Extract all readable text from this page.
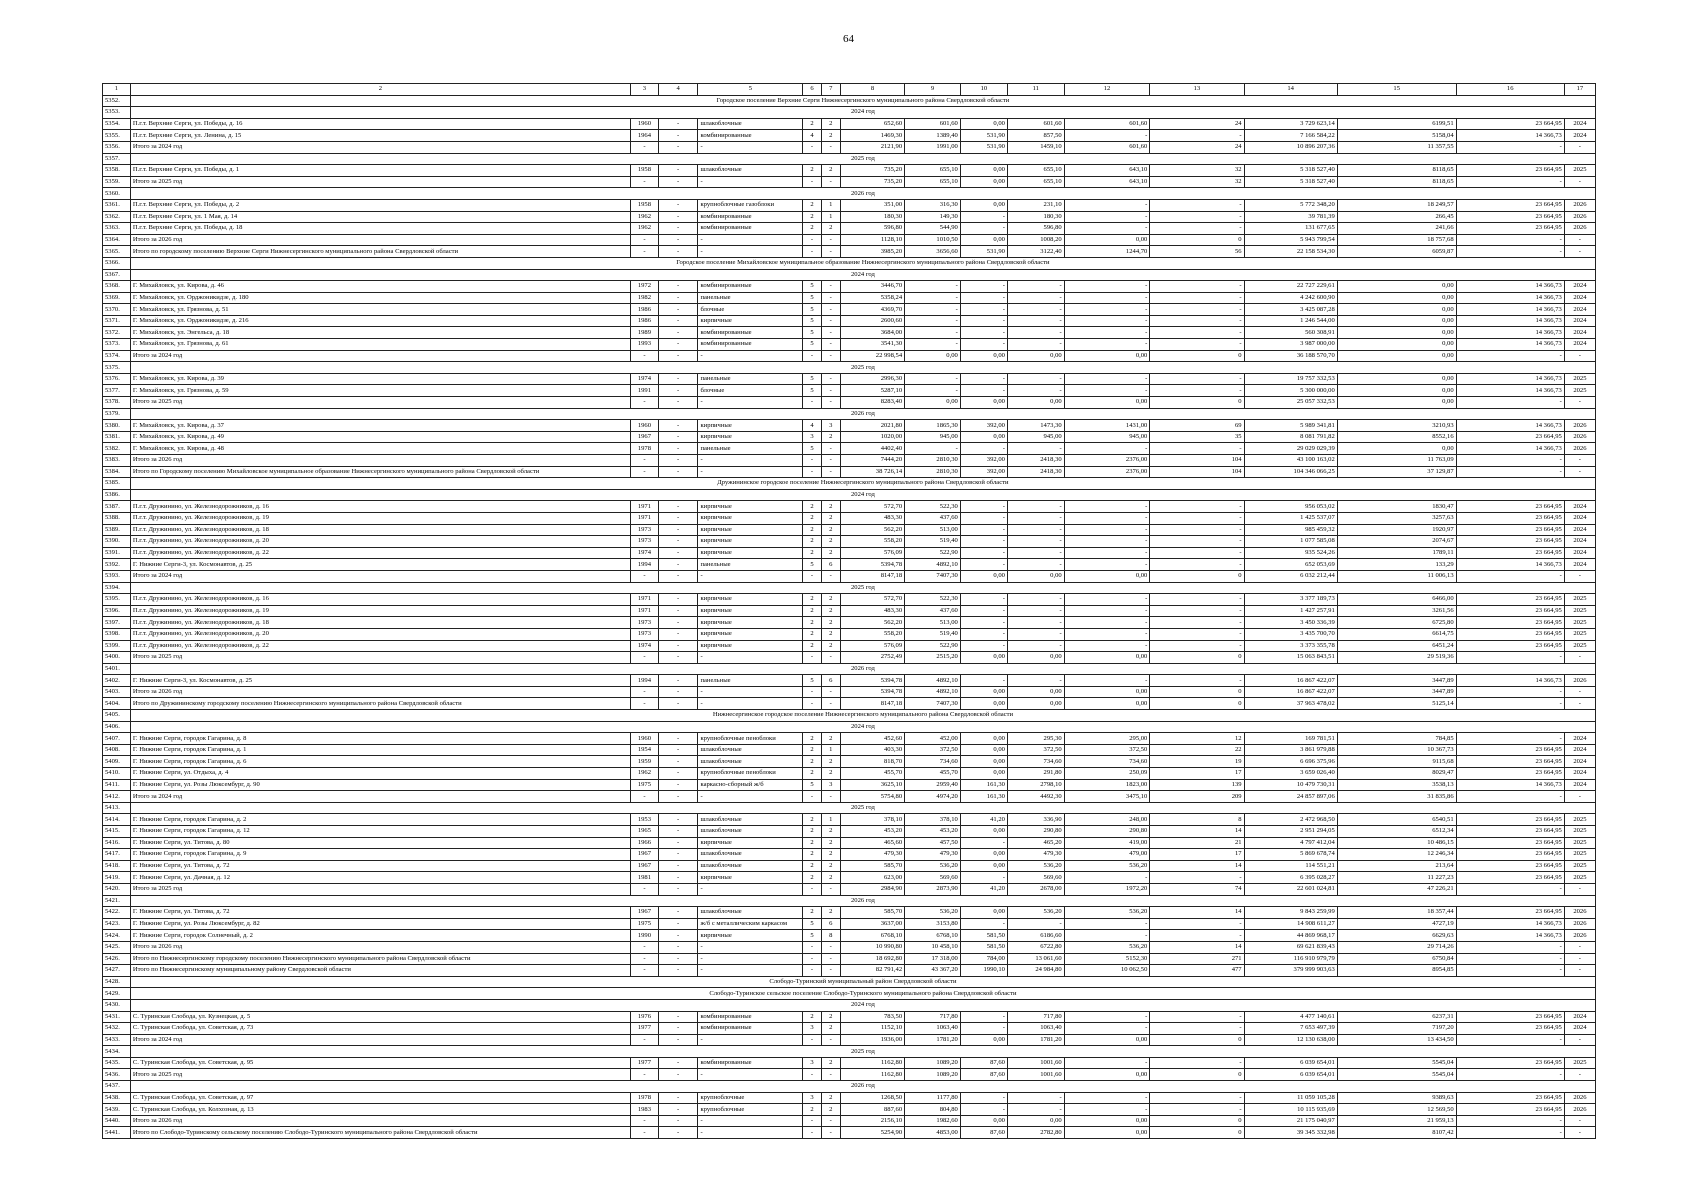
64
1	2	3	4	5	6	7	8	9	10	11	12	13	14	15	16	17
5352.	Городское поселение Верхние Серги Нижнесергинского муниципального района Свердловской области															
5353.	2024 год															
5354.	П.г.т. Верхние Серги, ул. Победы, д. 16	1960	-	шлакоблочные	2	2	652,60	601,60	0,00	601,60	601,60	24	3 729 623,14	6199,51	23 664,95	2024
5355.	П.г.т. Верхние Серги, ул. Ленина, д. 15	1964	-	комбинированные	4	2	1469,30	1389,40	531,90	857,50	-	-	7 166 584,22	5158,04	14 366,73	2024
5356.	Итого за 2024 год	-	-	-	-	-	2121,90	1991,00	531,90	1459,10	601,60	24	10 896 207,36	11 357,55	-	-
5357.	2025 год															
5358.	П.г.т. Верхние Серги, ул. Победы, д. 1	1958	-	шлакоблочные	2	2	735,20	655,10	0,00	655,10	643,10	32	5 318 527,40	8118,65	23 664,95	2025
5359.	Итого за 2025 год	-	-	-	-	-	735,20	655,10	0,00	655,10	643,10	32	5 318 527,40	8118,65	-	-
5360.	2026 год															
5361.	П.г.т. Верхние Серги, ул. Победы, д. 2	1958	-	крупноблочные газоблоки	2	1	351,00	316,30	0,00	231,10	-	-	5 772 348,20	18 249,57	23 664,95	2026
5362.	П.г.т. Верхние Серги, ул. 1 Мая, д. 14	1962	-	комбинированные	2	1	180,30	149,30	-	180,30	-	-	39 781,39	266,45	23 664,95	2026
5363.	П.г.т. Верхние Серги, ул. Победы, д. 18	1962	-	комбинированные	2	2	596,80	544,90	-	596,80	-	-	131 677,65	241,66	23 664,95	2026
5364.	Итого за 2026 год	-	-	-	-	-	1128,10	1010,50	0,00	1008,20	0,00	0	5 943 799,54	18 757,68	-	-
5365.	Итого по городскому поселению Верхние Серги Нижнесергинского муниципального района Свердловской области	-	-	-	-	-	3985,20	3656,60	531,90	3122,40	1244,70	56	22 158 534,30	6059,87	-	-
5366.	Городское поселение Михайловское муниципальное образование Нижнесергинского муниципального района Свердловской области															
5367.	2024 год															
5368.	Г. Михайловск, ул. Кирова, д. 46	1972	-	комбинированные	5	-	3446,70	-	-	-	-	-	22 727 229,61	0,00	14 366,73	2024
5369.	Г. Михайловск, ул. Орджоникидзе, д. 180	1982	-	панельные	5	-	5358,24	-	-	-	-	-	4 242 600,90	0,00	14 366,73	2024
5370.	Г. Михайловск, ул. Грязнова, д. 51	1986	-	блочные	5	-	4369,70	-	-	-	-	-	3 425 087,28	0,00	14 366,73	2024
5371.	Г. Михайловск, ул. Орджоникидзе, д. 216	1986	-	кирпичные	5	-	2600,60	-	-	-	-	-	1 246 544,00	0,00	14 366,73	2024
5372.	Г. Михайловск, ул. Энгельса, д. 18	1989	-	комбинированные	5	-	3684,00	-	-	-	-	-	560 308,91	0,00	14 366,73	2024
5373.	Г. Михайловск, ул. Грязнова, д. 61	1993	-	комбинированные	5	-	3541,30	-	-	-	-	-	3 987 000,00	0,00	14 366,73	2024
5374.	Итого за 2024 год	-	-	-	-	-	22 998,54	0,00	0,00	0,00	0,00	0	36 188 570,70	0,00	-	-
5375.	2025 год															
5376.	Г. Михайловск, ул. Кирова, д. 39	1974	-	панельные	5	-	2996,30	-	-	-	-	-	19 757 332,53	0,00	14 366,73	2025
5377.	Г. Михайловск, ул. Грязнова, д. 59	1991	-	блочные	5	-	5287,10	-	-	-	-	-	5 300 000,00	0,00	14 366,73	2025
5378.	Итого за 2025 год	-	-	-	-	-	8283,40	0,00	0,00	0,00	0,00	0	25 057 332,53	0,00	-	-
5379.	2026 год															
5380.	Г. Михайловск, ул. Кирова, д. 37	1960	-	кирпичные	4	3	2021,80	1865,30	392,00	1473,30	1431,00	69	5 989 341,81	3210,93	14 366,73	2026
5381.	Г. Михайловск, ул. Кирова, д. 49	1967	-	кирпичные	3	2	1020,00	945,00	0,00	945,00	945,00	35	8 081 791,82	8552,16	23 664,95	2026
5382.	Г. Михайловск, ул. Кирова, д. 48	1978	-	панельные	5	-	4402,40	-	-	-	-	-	29 029 029,39	0,00	14 366,73	2026
5383.	Итого за 2026 год	-	-	-	-	-	7444,20	2810,30	392,00	2418,30	2376,00	104	43 100 163,02	11 763,09	-	-
5384.	Итого по Городскому поселению Михайловское муниципальное образование Нижнесергинского муниципального района Свердловской области	-	-	-	-	-	38 726,14	2810,30	392,00	2418,30	2376,00	104	104 346 066,25	37 129,87	-	-
5385.	Дружининское городское поселение Нижнесергинского муниципального района Свердловской области															
5386.	2024 год															
5387.	П.г.т. Дружинино, ул. Железнодорожников, д. 16	1971	-	кирпичные	2	2	572,70	522,30	-	-	-	-	956 053,02	1830,47	23 664,95	2024
5388.	П.г.т. Дружинино, ул. Железнодорожников, д. 19	1971	-	кирпичные	2	2	483,30	437,60	-	-	-	-	1 425 537,07	3257,63	23 664,95	2024
5389.	П.г.т. Дружинино, ул. Железнодорожников, д. 18	1973	-	кирпичные	2	2	562,20	513,00	-	-	-	-	985 459,32	1920,97	23 664,95	2024
5390.	П.г.т. Дружинино, ул. Железнодорожников, д. 20	1973	-	кирпичные	2	2	558,20	519,40	-	-	-	-	1 077 585,08	2074,67	23 664,95	2024
5391.	П.г.т. Дружинино, ул. Железнодорожников, д. 22	1974	-	кирпичные	2	2	576,09	522,90	-	-	-	-	935 524,26	1789,11	23 664,95	2024
5392.	Г. Нижние Серги-3, ул. Космонавтов, д. 25	1994	-	панельные	5	6	5394,78	4892,10	-	-	-	-	652 053,69	133,29	14 366,73	2024
5393.	Итого за 2024 год	-	-	-	-	-	8147,18	7407,30	0,00	0,00	0,00	0	6 032 212,44	11 006,13	-	-
5394.	2025 год															
5395.	П.г.т. Дружинино, ул. Железнодорожников, д. 16	1971	-	кирпичные	2	2	572,70	522,30	-	-	-	-	3 377 189,73	6466,00	23 664,95	2025
5396.	П.г.т. Дружинино, ул. Железнодорожников, д. 19	1971	-	кирпичные	2	2	483,30	437,60	-	-	-	-	1 427 257,91	3261,56	23 664,95	2025
5397.	П.г.т. Дружинино, ул. Железнодорожников, д. 18	1973	-	кирпичные	2	2	562,20	513,00	-	-	-	-	3 450 336,39	6725,80	23 664,95	2025
5398.	П.г.т. Дружинино, ул. Железнодорожников, д. 20	1973	-	кирпичные	2	2	558,20	519,40	-	-	-	-	3 435 700,70	6614,75	23 664,95	2025
5399.	П.г.т. Дружинино, ул. Железнодорожников, д. 22	1974	-	кирпичные	2	2	576,09	522,90	-	-	-	-	3 373 355,78	6451,24	23 664,95	2025
5400.	Итого за 2025 год	-	-	-	-	-	2752,49	2515,20	0,00	0,00	0,00	0	15 063 843,51	29 519,36	-	-
5401.	2026 год															
5402.	Г. Нижние Серги-3, ул. Космонавтов, д. 25	1994	-	панельные	5	6	5394,78	4892,10	-	-	-	-	16 867 422,07	3447,89	14 366,73	2026
5403.	Итого за 2026 год	-	-	-	-	-	5394,78	4892,10	0,00	0,00	0,00	0	16 867 422,07	3447,89	-	-
5404.	Итого по Дружининскому городскому поселению Нижнесергинского муниципального района Свердловской области	-	-	-	-	-	8147,18	7407,30	0,00	0,00	0,00	0	37 963 478,02	5125,14	-	-
5405.	Нижнесергинское городское поселение Нижнесергинского муниципального района Свердловской области															
5406.	2024 год															
5407.	Г. Нижние Серги, городок Гагарина, д. 8	1960	-	крупноблочные пеноблоки	2	2	452,60	452,00	0,00	295,30	295,00	12	169 781,51	784,85	-	2024
5408.	Г. Нижние Серги, городок Гагарина, д. 1	1954	-	шлакоблочные	2	1	403,30	372,50	0,00	372,50	372,50	22	3 861 979,88	10 367,73	23 664,95	2024
5409.	Г. Нижние Серги, городок Гагарина, д. 6	1959	-	шлакоблочные	2	2	818,70	734,60	0,00	734,60	734,60	19	6 696 375,96	9115,68	23 664,95	2024
5410.	Г. Нижние Серги, ул. Отдыха, д. 4	1962	-	крупноблочные пеноблоки	2	2	455,70	455,70	0,00	291,80	250,09	17	3 659 026,40	8029,47	23 664,95	2024
5411.	Г. Нижние Серги, ул. Розы Люксембург, д. 90	1975	-	каркасно-сборный ж/б	5	3	3625,10	2959,40	161,30	2798,10	1823,00	139	10 479 730,31	3538,13	14 366,73	2024
5412.	Итого за 2024 год	-	-	-	-	-	5754,80	4974,20	161,30	4492,30	3475,10	209	24 857 897,06	31 835,86	-	-
5413.	2025 год															
5414.	Г. Нижние Серги, городок Гагарина, д. 2	1953	-	шлакоблочные	2	1	378,10	378,10	41,20	336,90	248,00	8	2 472 968,50	6540,51	23 664,95	2025
5415.	Г. Нижние Серги, городок Гагарина, д. 12	1965	-	шлакоблочные	2	2	453,20	453,20	0,00	290,80	290,80	14	2 951 294,05	6512,34	23 664,95	2025
5416.	Г. Нижние Серги, ул. Титова, д. 80	1966	-	кирпичные	2	2	465,60	457,50	-	465,20	419,00	21	4 797 412,04	10 486,15	23 664,95	2025
5417.	Г. Нижние Серги, городок Гагарина, д. 9	1967	-	шлакоблочные	2	2	479,30	479,30	0,00	479,30	479,00	17	5 869 678,74	12 246,34	23 664,95	2025
5418.	Г. Нижние Серги, ул. Титова, д. 72	1967	-	шлакоблочные	2	2	585,70	536,20	0,00	536,20	536,20	14	114 551,21	213,64	23 664,95	2025
5419.	Г. Нижние Серги, ул. Дачная, д. 12	1981	-	кирпичные	2	2	623,00	569,60	-	569,60	-	-	6 395 028,27	11 227,23	23 664,95	2025
5420.	Итого за 2025 год	-	-	-	-	-	2984,90	2873,90	41,20	2678,00	1972,20	74	22 601 024,81	47 226,21	-	-
5421.	2026 год															
5422.	Г. Нижние Серги, ул. Титова, д. 72	1967	-	шлакоблочные	2	2	585,70	536,20	0,00	536,20	536,20	14	9 843 259,99	18 357,44	23 664,95	2026
5423.	Г. Нижние Серги, ул. Розы Люксембург, д. 82	1975	-	ж/б с металлическим каркасом	5	6	3637,00	3153,80	-	-	-	-	14 908 611,27	4727,19	14 366,73	2026
5424.	Г. Нижние Серги, городок Солнечный, д. 2	1990	-	кирпичные	5	8	6768,10	6768,10	581,50	6186,60	-	-	44 869 968,17	6629,63	14 366,73	2026
5425.	Итого за 2026 год	-	-	-	-	-	10 990,80	10 458,10	581,50	6722,80	536,20	14	69 621 839,43	29 714,26	-	-
5426.	Итого по Нижнесергинскому городскому поселению Нижнесергинского муниципального района Свердловской области	-	-	-	-	-	18 692,80	17 318,00	784,00	13 061,60	5152,30	271	116 910 979,79	6750,84	-	-
5427.	Итого по Нижнесергинскому муниципальному району Свердловской области	-	-	-	-	-	82 791,42	43 367,20	1990,10	24 984,80	10 062,50	477	379 999 903,63	8954,85	-	-
5428.	Слободо-Туринский муниципальный район Свердловской области															
5429.	Слободо-Туринское сельское поселение Слободо-Туринского муниципального района Свердловской области															
5430.	2024 год															
5431.	С. Туринская Слобода, ул. Кузнецкая, д. 5	1976	-	комбинированные	2	2	783,50	717,80	-	717,80	-	-	4 477 140,61	6237,31	23 664,95	2024
5432.	С. Туринская Слобода, ул. Советская, д. 73	1977	-	комбинированные	3	2	1152,10	1063,40	-	1063,40	-	-	7 653 497,39	7197,20	23 664,95	2024
5433.	Итого за 2024 год	-	-	-	-	-	1936,00	1781,20	0,00	1781,20	0,00	0	12 130 638,00	13 434,50	-	-
5434.	2025 год															
5435.	С. Туринская Слобода, ул. Советская, д. 95	1977	-	комбинированные	3	2	1162,80	1089,20	87,60	1001,60	-	-	6 039 654,01	5545,04	23 664,95	2025
5436.	Итого за 2025 год	-	-	-	-	-	1162,80	1089,20	87,60	1001,60	0,00	0	6 039 654,01	5545,04	-	-
5437.	2026 год															
5438.	С. Туринская Слобода, ул. Советская, д. 97	1978	-	крупноблочные	3	2	1268,50	1177,80	-	-	-	-	11 059 105,28	9389,63	23 664,95	2026
5439.	С. Туринская Слобода, ул. Колхозная, д. 13	1983	-	крупноблочные	2	2	887,60	804,80	-	-	-	-	10 115 935,69	12 569,50	23 664,95	2026
5440.	Итого за 2026 год	-	-	-	-	-	2156,10	1982,60	0,00	0,00	0,00	0	21 175 040,97	21 959,13	-	-
5441.	Итого по Слободо-Туринскому сельскому поселению Слободо-Туринского муниципального района Свердловской области	-	-	-	-	-	5254,90	4853,00	87,60	2782,80	0,00	0	39 345 332,98	8107,42	-	-
